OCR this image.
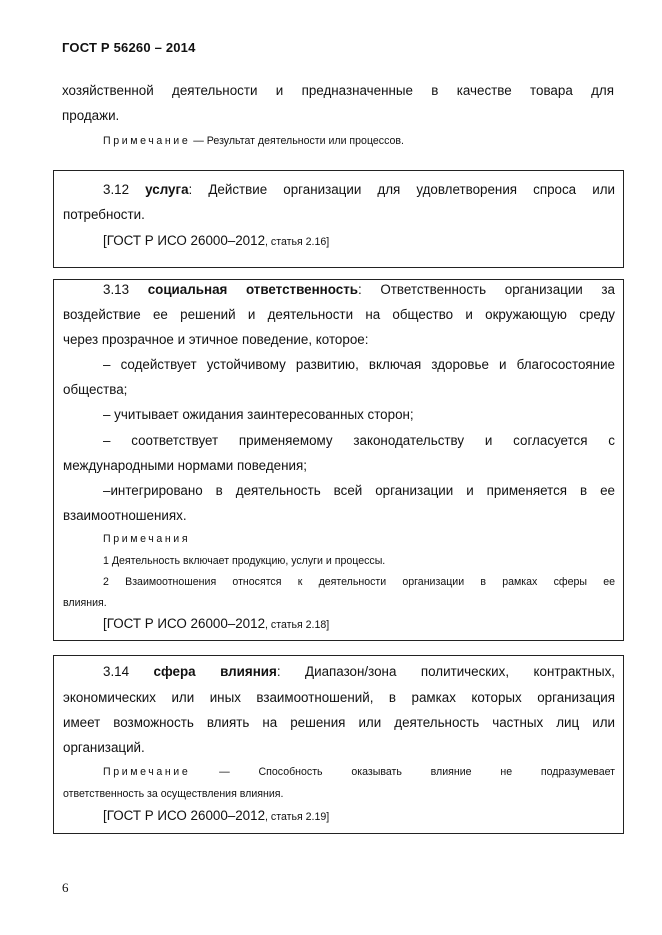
ГОСТ Р 56260 – 2014
хозяйственной деятельности и предназначенные в качестве товара для
продажи.
Примечание — Результат деятельности или процессов.
3.12 услуга: Действие организации для удовлетворения спроса или
потребности.
[ГОСТ Р ИСО 26000–2012, статья 2.16]
3.13 социальная ответственность: Ответственность организации за
воздействие ее решений и деятельности на общество и окружающую среду
через прозрачное и этичное поведение, которое:
– содействует устойчивому развитию, включая здоровье и благосостояние
общества;
– учитывает ожидания заинтересованных сторон;
– соответствует применяемому законодательству и согласуется с
международными нормами поведения;
–интегрировано в деятельность всей организации и применяется в ее
взаимоотношениях.
Примечания
1 Деятельность включает продукцию, услуги и процессы.
2 Взаимоотношения относятся к деятельности организации в рамках сферы ее
влияния.
[ГОСТ Р ИСО 26000–2012, статья 2.18]
3.14 сфера влияния: Диапазон/зона политических, контрактных,
экономических или иных взаимоотношений, в рамках которых организация
имеет возможность влиять на решения или деятельность частных лиц или
организаций.
Примечание — Способность оказывать влияние не подразумевает
ответственность за осуществления влияния.
[ГОСТ Р ИСО 26000–2012, статья 2.19]
6
